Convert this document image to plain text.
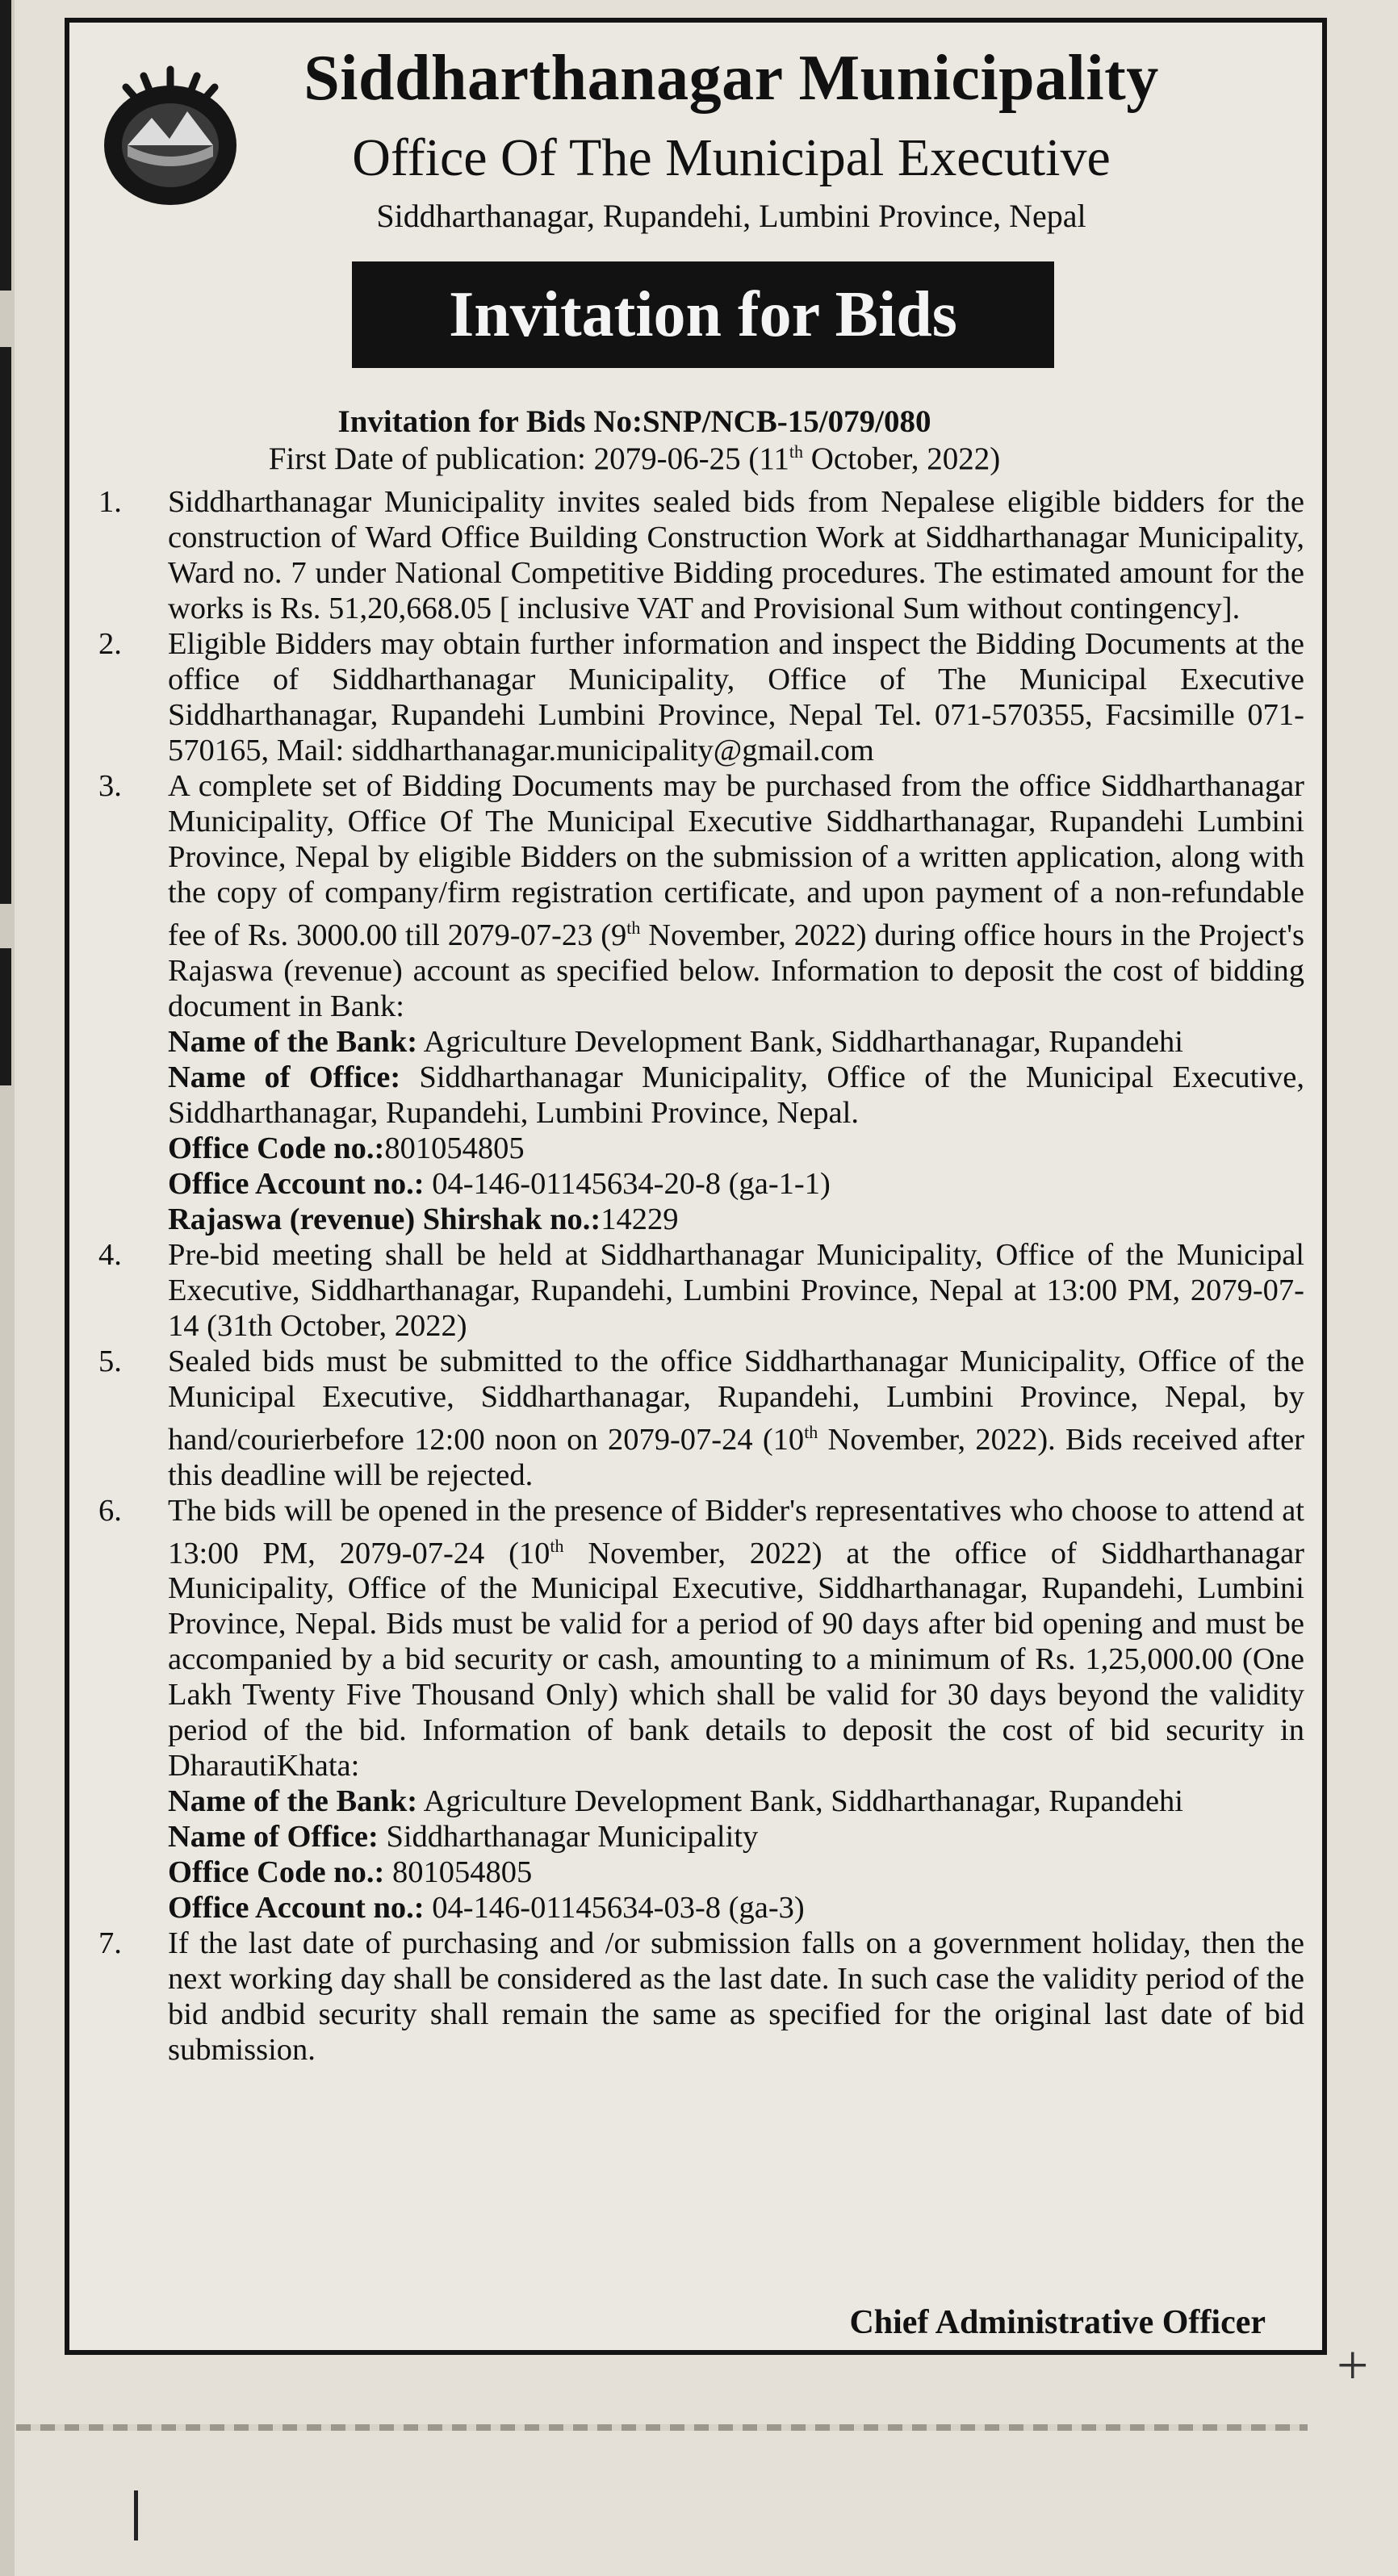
Siddharthanagar Municipality
Office Of The Municipal Executive
Siddharthanagar, Rupandehi, Lumbini Province, Nepal
Invitation for Bids
Invitation for Bids No:SNP/NCB-15/079/080
First Date of publication: 2079-06-25 (11th October, 2022)
1.	Siddharthanagar Municipality invites sealed bids from Nepalese eligible bidders for the construction of Ward Office Building Construction Work at Siddharthanagar Municipality, Ward no. 7 under National Competitive Bidding procedures. The estimated amount for the works is Rs. 51,20,668.05 [ inclusive VAT and Provisional Sum without contingency].
2.	Eligible Bidders may obtain further information and inspect the Bidding Documents at the office of Siddharthanagar Municipality, Office of The Municipal Executive Siddharthanagar, Rupandehi Lumbini Province, Nepal Tel. 071-570355, Facsimille 071-570165, Mail: siddharthanagar.municipality@gmail.com
3.	A complete set of Bidding Documents may be purchased from the office Siddharthanagar Municipality, Office Of The Municipal Executive Siddharthanagar, Rupandehi Lumbini Province, Nepal by eligible Bidders on the submission of a written application, along with the copy of company/firm registration certificate, and upon payment of a non-refundable fee of Rs. 3000.00 till 2079-07-23 (9th November, 2022) during office hours in the Project's Rajaswa (revenue) account as specified below. Information to deposit the cost of bidding document in Bank:
Name of the Bank: Agriculture Development Bank, Siddharthanagar, Rupandehi
Name of Office: Siddharthanagar Municipality, Office of the Municipal Executive, Siddharthanagar, Rupandehi, Lumbini Province, Nepal.
Office Code no.:801054805
Office Account no.: 04-146-01145634-20-8 (ga-1-1)
Rajaswa (revenue) Shirshak no.:14229
4.	Pre-bid meeting shall be held at Siddharthanagar Municipality, Office of the Municipal Executive, Siddharthanagar, Rupandehi, Lumbini Province, Nepal at 13:00 PM, 2079-07-14 (31th October, 2022)
5.	Sealed bids must be submitted to the office Siddharthanagar Municipality, Office of the Municipal Executive, Siddharthanagar, Rupandehi, Lumbini Province, Nepal, by hand/courierbefore 12:00 noon on 2079-07-24 (10th November, 2022). Bids received after this deadline will be rejected.
6.	The bids will be opened in the presence of Bidder's representatives who choose to attend at 13:00 PM, 2079-07-24 (10th November, 2022) at the office of Siddharthanagar Municipality, Office of the Municipal Executive, Siddharthanagar, Rupandehi, Lumbini Province, Nepal. Bids must be valid for a period of 90 days after bid opening and must be accompanied by a bid security or cash, amounting to a minimum of Rs. 1,25,000.00 (One Lakh Twenty Five Thousand Only) which shall be valid for 30 days beyond the validity period of the bid. Information of bank details to deposit the cost of bid security in DharautiKhata:
Name of the Bank: Agriculture Development Bank, Siddharthanagar, Rupandehi
Name of Office: Siddharthanagar Municipality
Office Code no.: 801054805
Office Account no.: 04-146-01145634-03-8 (ga-3)
7.	If the last date of purchasing and /or submission falls on a government holiday, then the next working day shall be considered as the last date. In such case the validity period of the bid andbid security shall remain the same as specified for the original last date of bid submission.
Chief Administrative Officer
+
